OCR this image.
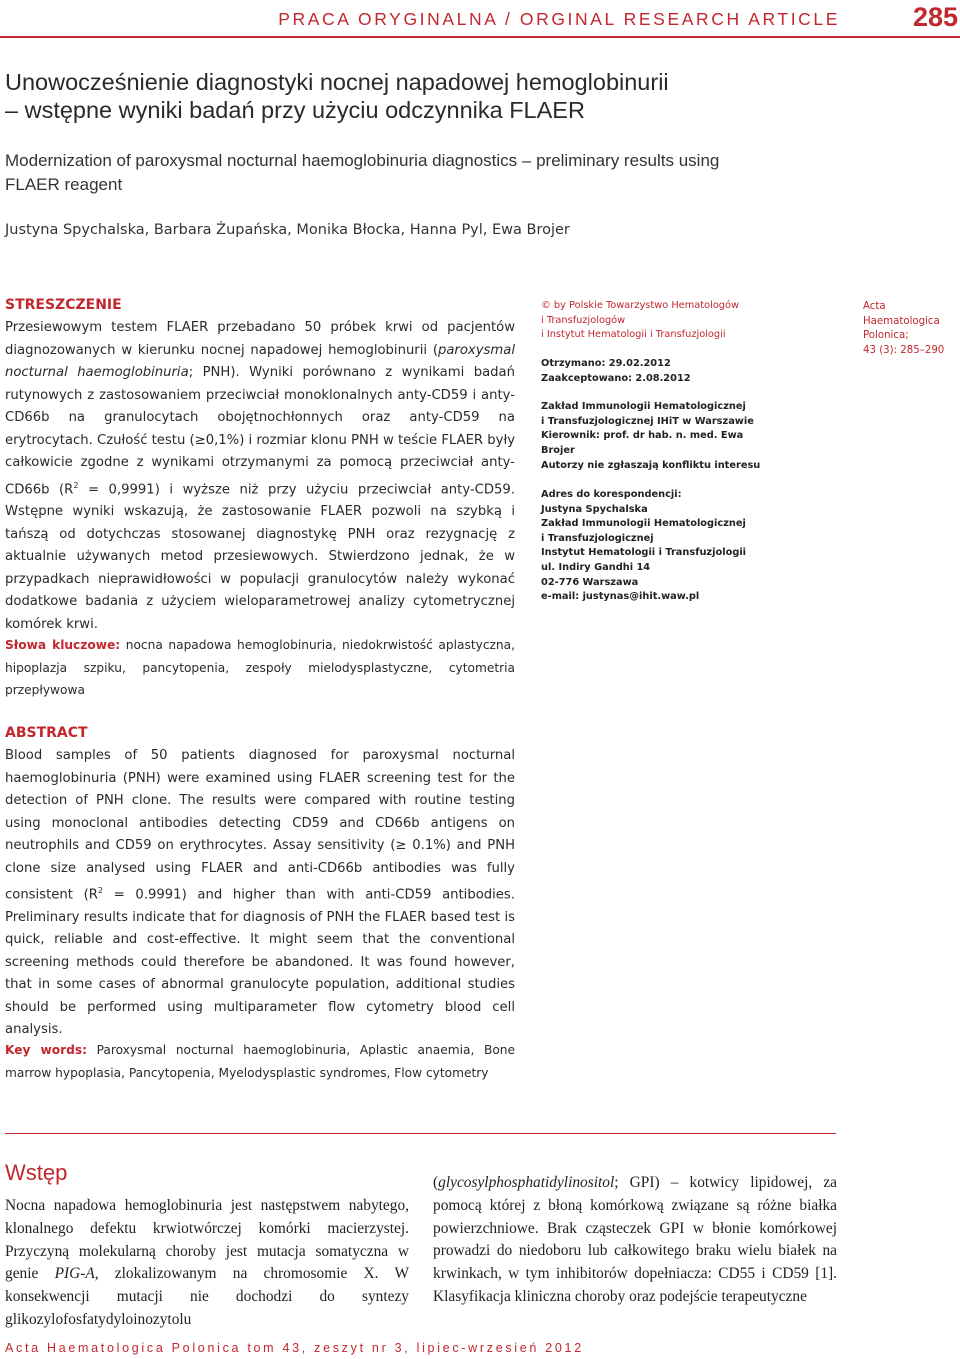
PRACA ORYGINALNA / ORGINAL RESEARCH ARTICLE	285
Unowocześnienie diagnostyki nocnej napadowej hemoglobinurii
– wstępne wyniki badań przy użyciu odczynnika FLAER
Modernization of paroxysmal nocturnal haemoglobinuria diagnostics – preliminary results using
FLAER reagent
Justyna Spychalska, Barbara Żupańska, Monika Błocka, Hanna Pyl, Ewa Brojer
STRESZCZENIE
Przesiewowym testem FLAER przebadano 50 próbek krwi od pacjentów diagnozowanych w kierunku nocnej napadowej hemoglobinurii (paroxysmal nocturnal haemoglobinuria; PNH). Wyniki porównano z wynikami badań rutynowych z zastosowaniem przeciwciał monoklonalnych anty-CD59 i anty-CD66b na granulocytach obojętnochłonnych oraz anty-CD59 na erytrocytach. Czułość testu (≥0,1%) i rozmiar klonu PNH w teście FLAER były całkowicie zgodne z wynikami otrzymanymi za pomocą przeciwciał anty-CD66b $(R^2 = 0,9991)$ i wyższe niż przy użyciu przeciwciał anty-CD59. Wstępne wyniki wskazują, że zastosowanie FLAER pozwoli na szybką i tańszą od dotychczas stosowanej diagnostykę PNH oraz rezygnację z aktualnie używanych metod przesiewowych. Stwierdzono jednak, że w przypadkach nieprawidłowości w populacji granulocytów należy wykonać dodatkowe badania z użyciem wieloparametrowej analizy cytometrycznej komórek krwi.
Słowa kluczowe: nocna napadowa hemoglobinuria, niedokrwistość aplastyczna, hipoplazja szpiku, pancytopenia, zespoły mielodysplastyczne, cytometria przepływowa
ABSTRACT
Blood samples of 50 patients diagnosed for paroxysmal nocturnal haemoglobinuria (PNH) were examined using FLAER screening test for the detection of PNH clone. The results were compared with routine testing using monoclonal antibodies detecting CD59 and CD66b antigens on neutrophils and CD59 on erythrocytes. Assay sensitivity (≥ 0.1%) and PNH clone size analysed using FLAER and anti-CD66b antibodies was fully consistent $(R^2 = 0.9991)$ and higher than with anti-CD59 antibodies. Preliminary results indicate that for diagnosis of PNH the FLAER based test is quick, reliable and cost-effective. It might seem that the conventional screening methods could therefore be abandoned. It was found however, that in some cases of abnormal granulocyte population, additional studies should be performed using multiparameter flow cytometry blood cell analysis.
Key words: Paroxysmal nocturnal haemoglobinuria, Aplastic anaemia, Bone marrow hypoplasia, Pancytopenia, Myelodysplastic syndromes, Flow cytometry
© by Polskie Towarzystwo Hematologów
i Transfuzjologów
i Instytut Hematologii i Transfuzjologii
Otrzymano: 29.02.2012
Zaakceptowano: 2.08.2012
Zakład Immunologii Hematologicznej
i Transfuzjologicznej IHiT w Warszawie
Kierownik: prof. dr hab. n. med. Ewa Brojer
Autorzy nie zgłaszają konfliktu interesu
Adres do korespondencji:
Justyna Spychalska
Zakład Immunologii Hematologicznej
i Transfuzjologicznej
Instytut Hematologii i Transfuzjologii
ul. Indiry Gandhi 14
02-776 Warszawa
e-mail: justynas@ihit.waw.pl
Acta
Haematologica
Polonica;
43 (3): 285–290
Wstęp
Nocna napadowa hemoglobinuria jest następstwem nabytego, klonalnego defektu krwiotwórczej komórki macierzystej. Przyczyną molekularną choroby jest mutacja somatyczna w genie PIG-A, zlokalizowanym na chromosomie X. W konsekwencji mutacji nie dochodzi do syntezy glikozylofosfatydyloinozytolu
(glycosylphosphatidylinositol; GPI) – kotwicy lipidowej, za pomocą której z błoną komórkową związane są różne białka powierzchniowe. Brak cząsteczek GPI w błonie komórkowej prowadzi do niedoboru lub całkowitego braku wielu białek na krwinkach, w tym inhibitorów dopełniacza: CD55 i CD59 [1]. Klasyfikacja kliniczna choroby oraz podejście terapeutyczne
Acta Haematologica Polonica tom 43, zeszyt nr 3, lipiec-wrzesień 2012
